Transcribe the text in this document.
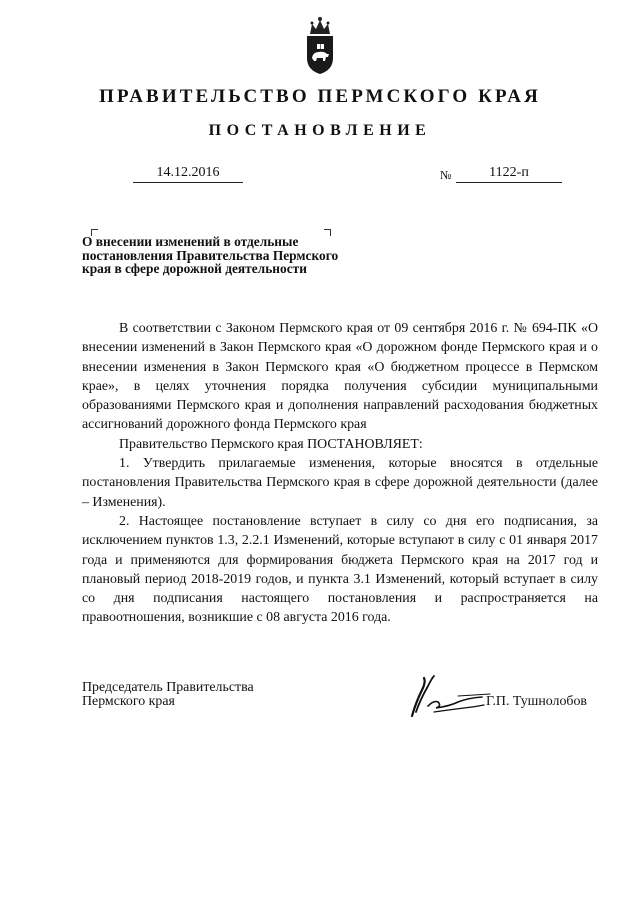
ПРАВИТЕЛЬСТВО ПЕРМСКОГО КРАЯ
ПОСТАНОВЛЕНИЕ
14.12.2016	№	1122-п
О внесении изменений в отдельные постановления Правительства Пермского края в сфере дорожной деятельности

В соответствии с Законом Пермского края от 09 сентября 2016 г. № 694-ПК «О внесении изменений в Закон Пермского края «О дорожном фонде Пермского края и о внесении изменения в Закон Пермского края «О бюджетном процессе в Пермском крае», в целях уточнения порядка получения субсидии муниципальными образованиями Пермского края и дополнения направлений расходования бюджетных ассигнований дорожного фонда Пермского края

Правительство Пермского края ПОСТАНОВЛЯЕТ:

1. Утвердить прилагаемые изменения, которые вносятся в отдельные постановления Правительства Пермского края в сфере дорожной деятельности (далее – Изменения).

2. Настоящее постановление вступает в силу со дня его подписания, за исключением пунктов 1.3, 2.2.1 Изменений, которые вступают в силу с 01 января 2017 года и применяются для формирования бюджета Пермского края на 2017 год и плановый период 2018-2019 годов, и пункта 3.1 Изменений, который вступает в силу со дня подписания настоящего постановления и распространяется на правоотношения, возникшие с 08 августа 2016 года.

Председатель Правительства
Пермского края	Г.П. Тушнолобов
